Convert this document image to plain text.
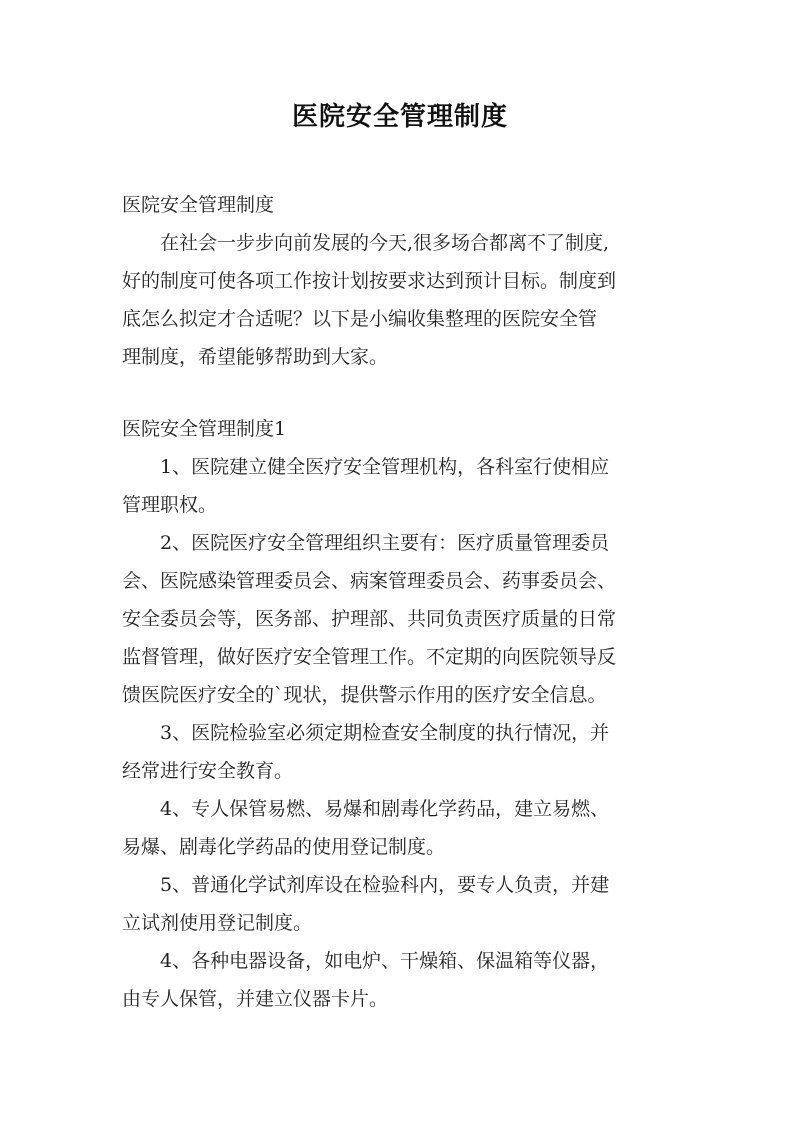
医院安全管理制度
医院安全管理制度
在社会一步步向前发展的今天,很多场合都离不了制度,
好的制度可使各项工作按计划按要求达到预计目标。制度到
底怎么拟定才合适呢？以下是小编收集整理的医院安全管
理制度，希望能够帮助到大家。
医院安全管理制度1
1、医院建立健全医疗安全管理机构，各科室行使相应
管理职权。
2、医院医疗安全管理组织主要有：医疗质量管理委员
会、医院感染管理委员会、病案管理委员会、药事委员会、
安全委员会等，医务部、护理部、共同负责医疗质量的日常
监督管理，做好医疗安全管理工作。不定期的向医院领导反
馈医院医疗安全的`现状，提供警示作用的医疗安全信息。
3、医院检验室必须定期检查安全制度的执行情况，并
经常进行安全教育。
4、专人保管易燃、易爆和剧毒化学药品，建立易燃、
易爆、剧毒化学药品的使用登记制度。
5、普通化学试剂库设在检验科内，要专人负责，并建
立试剂使用登记制度。
4、各种电器设备，如电炉、干燥箱、保温箱等仪器，
由专人保管，并建立仪器卡片。
